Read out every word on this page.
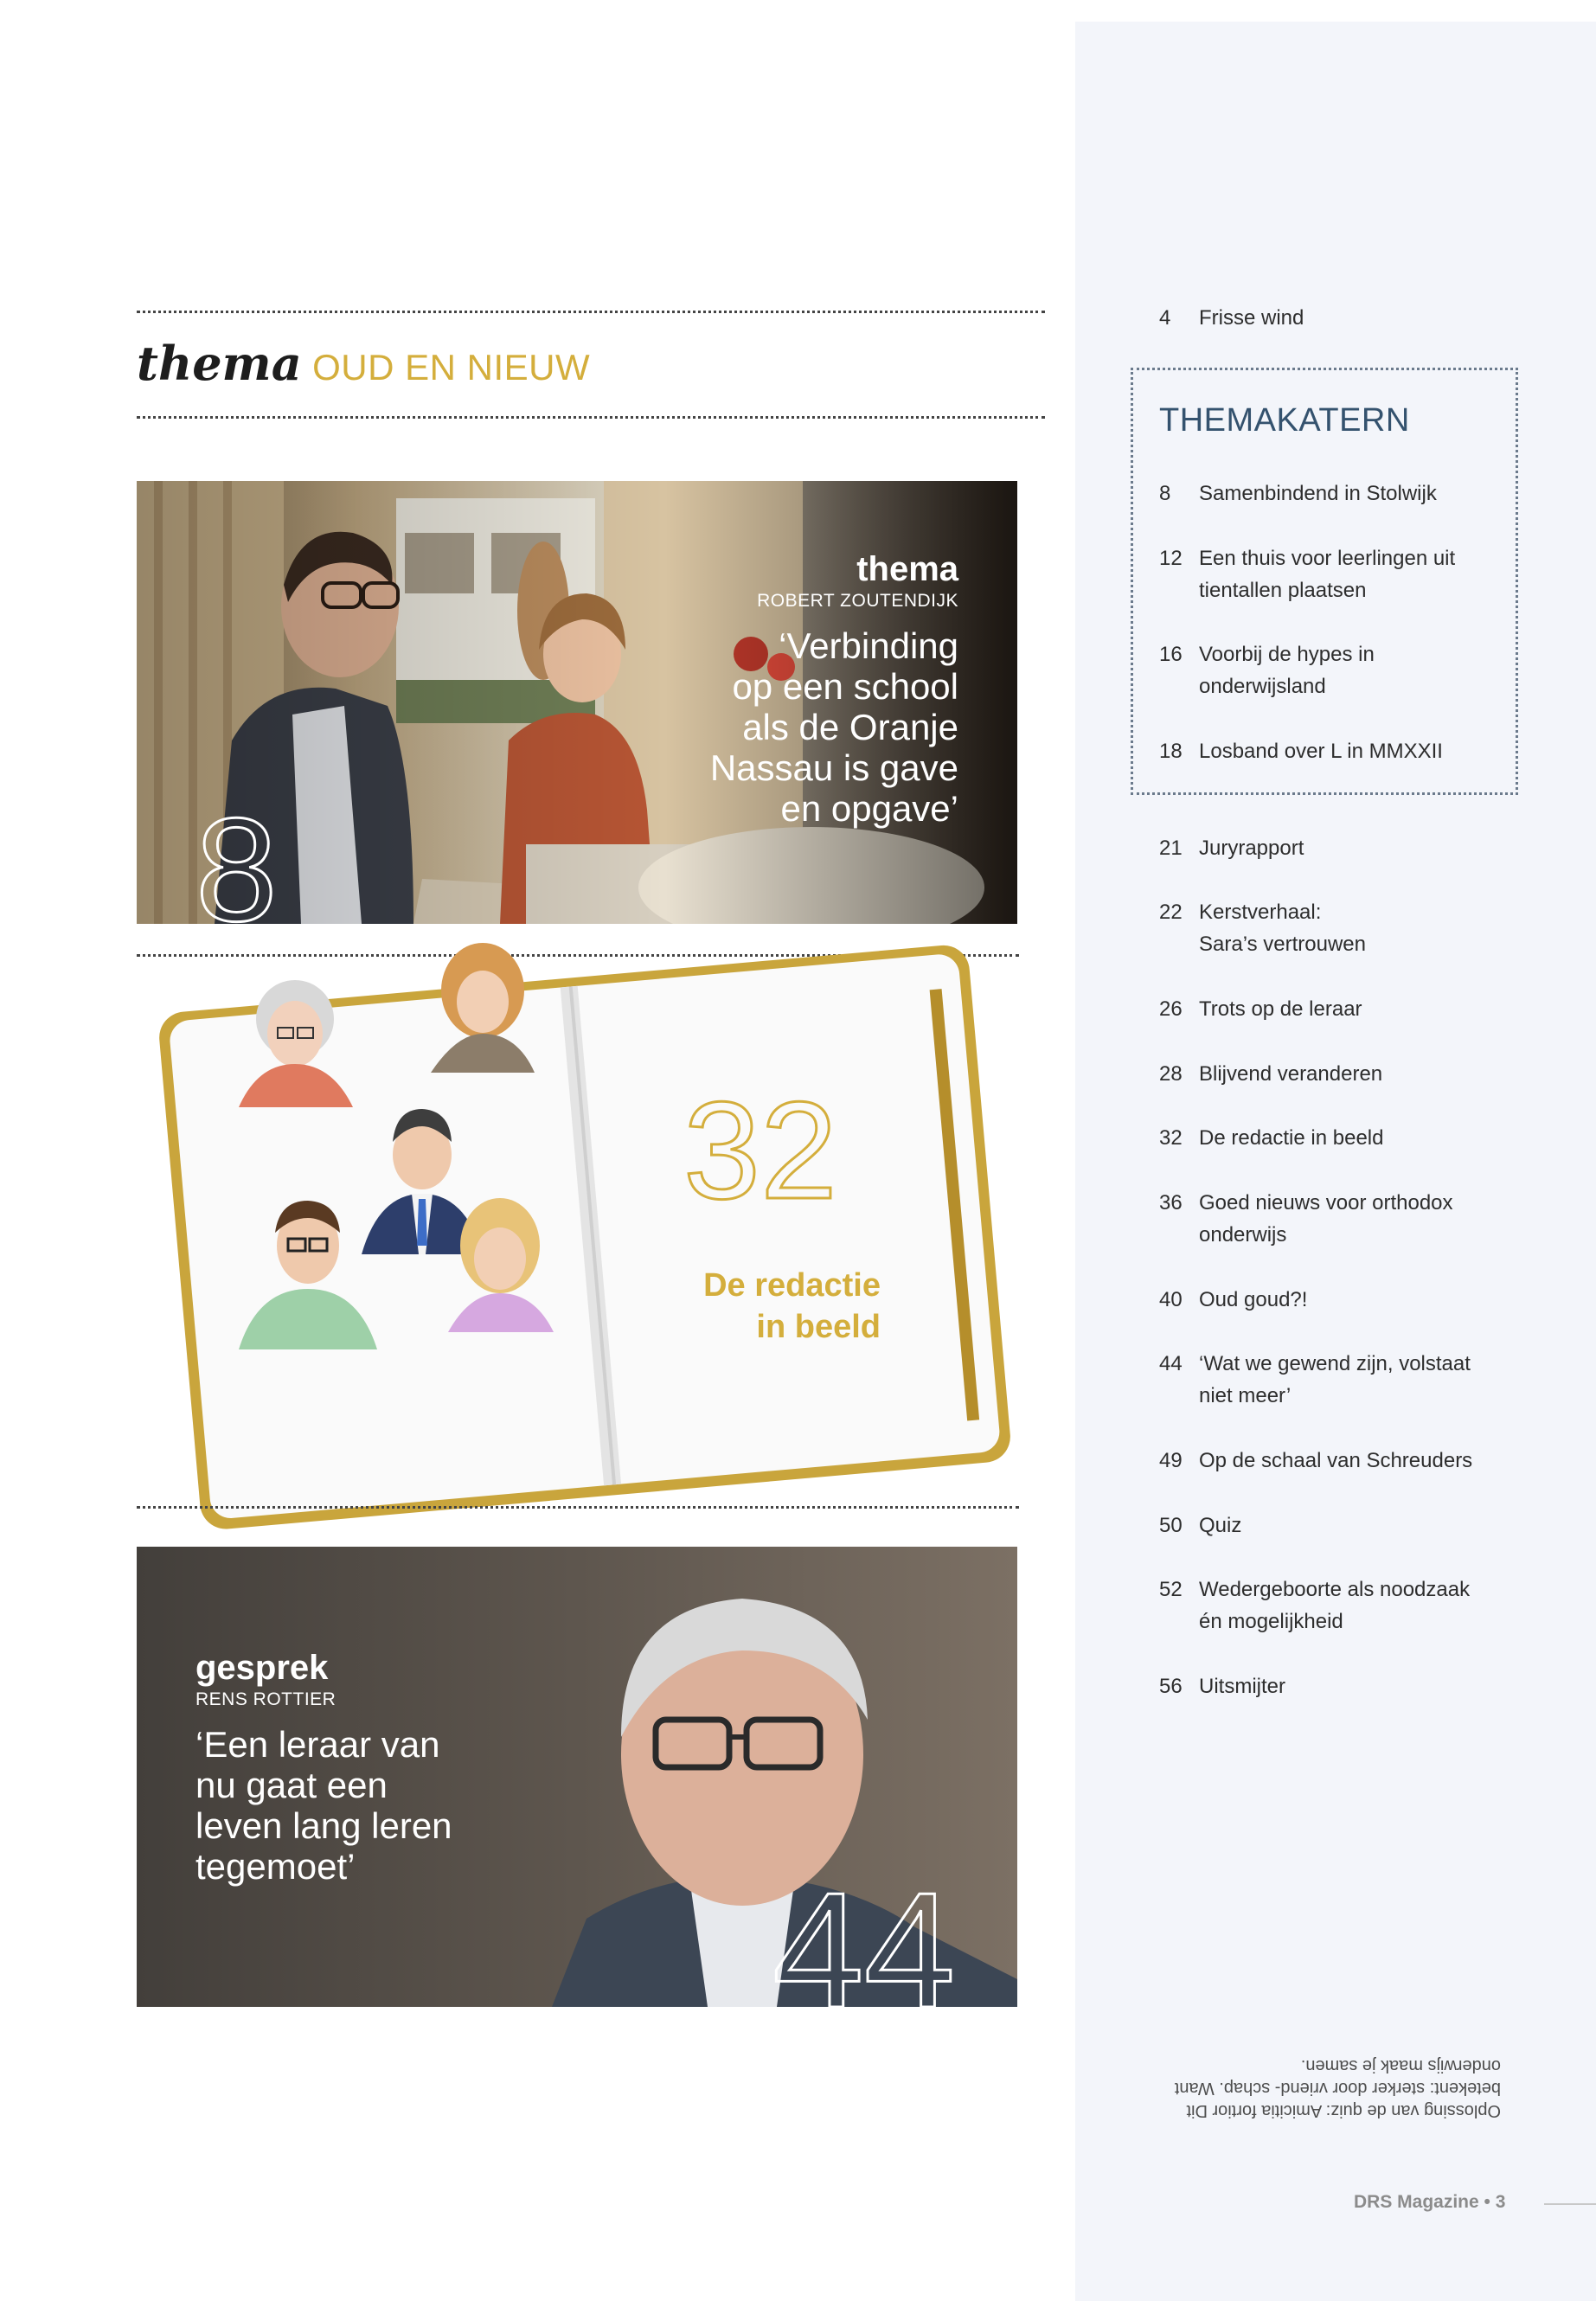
4	Frisse wind
THEMAKATERN
8	Samenbindend in Stolwijk
12 Een thuis voor leerlingen uit tientallen plaatsen
16 Voorbij de hypes in onderwijsland
18 Losband over L in MMXXII
21 Juryrapport
22 Kerstverhaal: Sara’s vertrouwen
26 Trots op de leraar
28 Blijvend veranderen
32 De redactie in beeld
36 Goed nieuws voor orthodox onderwijs
40 Oud goud?!
44 ‘Wat we gewend zijn, volstaat niet meer’
49 Op de schaal van Schreuders
50 Quiz
52 Wedergeboorte als noodzaak én mogelijkheid
56 Uitsmijter
Oplossing van de quiz: Amicitia fortior Dit betekent: sterker door vriend- schap. Want onderwijs maak je samen.
DRS Magazine • 3
thema OUD EN NIEUW
thema
ROBERT ZOUTENDIJK
‘Verbinding
op een school
als de Oranje
Nassau is gave
en opgave’
8
32
De redactie
in beeld
gesprek
RENS ROTTIER
‘Een leraar van
nu gaat een
leven lang leren
tegemoet’	44
